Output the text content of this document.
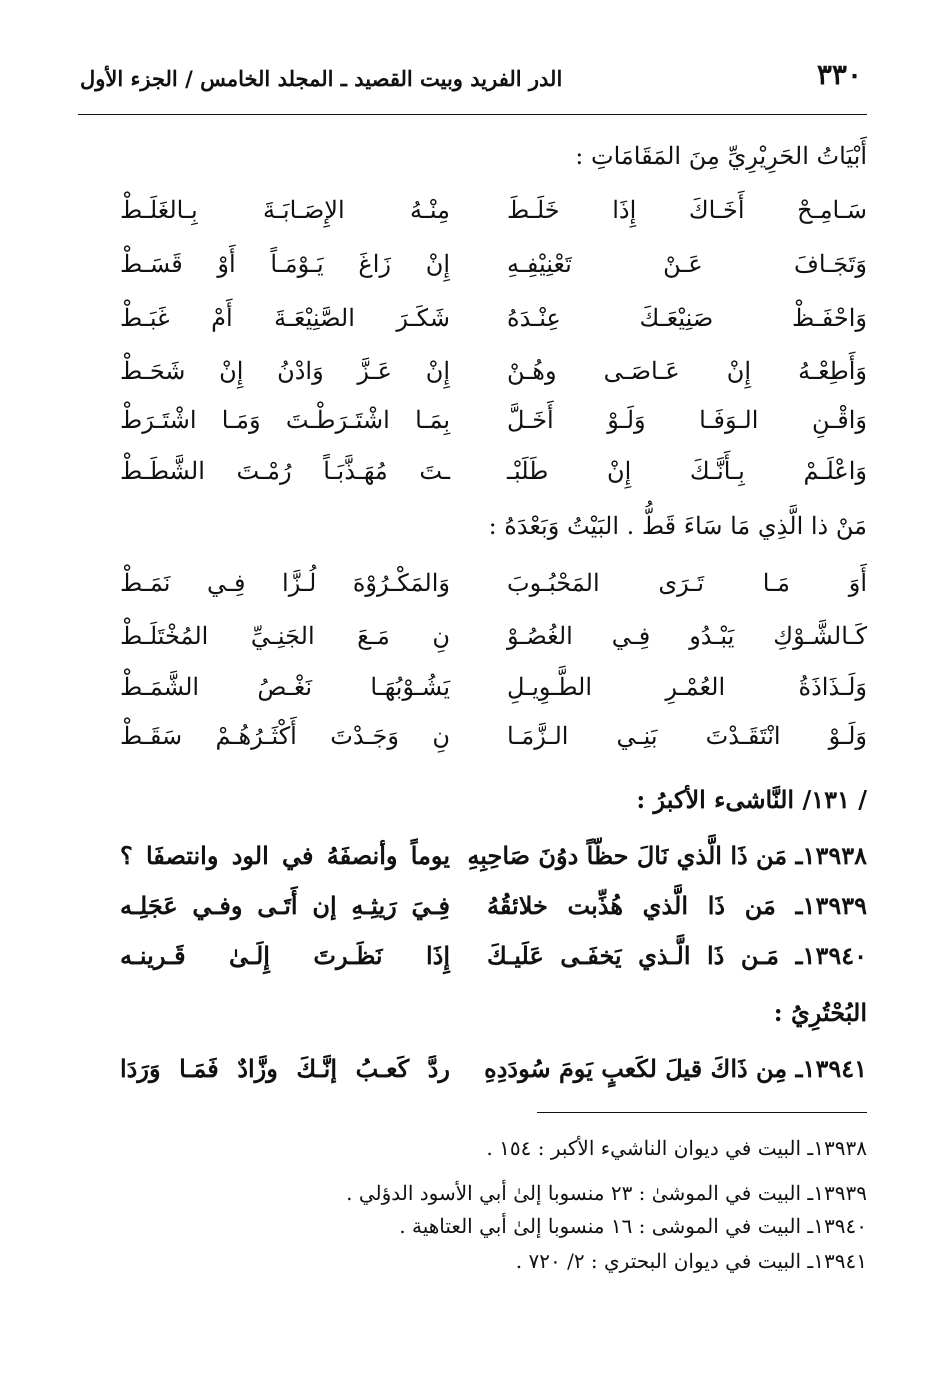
٣٣٠
الدر الفريد وبيت القصيد ـ المجلد الخامس / الجزء الأول
أَبْيَاتُ الحَرِيْرِيِّ مِنَ المَقَامَاتِ :
سَـامِـحْ أَخَـاكَ إِذَا خَلَـطَ
مِنْـهُ الإِصَـابَـةَ بِـالغَلَـطْ
وَتَجَـافَ عَـنْ تَعْنِيْفِـهِ
إِنْ زَاغَ يَـوْمَـاً أَوْ قَسَـطْ
وَاحْفَـظْ صَنِيْعَـكَ عِنْـدَهُ
شَكَـرَ الصَّنِيْعَـةَ أَمْ غَبَـطْ
وَأَطِعْـهُ إِنْ عَـاصَـى وهُـنْ
إِنْ عَـزَّ وَادْنُ إِنْ شَحَـطْ
وَاقْـنِ الـوَفَـا وَلَـوْ أَخَـلَّ
بِمَـا اشْتَـرَطْـتَ وَمَـا اشْتَـرَطْ
وَاعْلَـمْ بِـأَنَّـكَ إِنْ طَلَبْـ
ـتَ مُهَـذَّبَـاً رُمْـتَ الشَّطَـطْ
مَنْ ذا الَّذِي مَا سَاءَ قَطُّ . البَيْتُ وَبَعْدَهُ :
أَوَ مَـا تَـرَى المَحْبُـوبَ
وَالمَكْـرُوْهَ لُـزَّا فِـي نَمَـطْ
كَـالشَّـوْكِ يَبْـدُو فِـي الغُصُـوْ
نِ مَـعَ الجَنِـيِّ المُخْتَلَـطْ
وَلَـذَاذَةُ العُمْـرِ الطَّـوِيـلِ
يَشُـوْبُهَـا نَغْـصُ الشَّمَـطْ
وَلَـوْ انْتَقَـدْتَ بَنِـي الـزَّمَـا
نِ وَجَـدْتَ أَكْثَـرُهُـمْ سَقَـطْ
/ ١٣١/ النَّاشىء الأكبرُ :
١٣٩٣٨ـ مَن ذَا الَّذي نَالَ حظّاً دوُنَ صَاحِبِهِ
يوماً وأنصفَهُ في الود وانتصفَا ؟
١٣٩٣٩ـ مَن ذَا الَّذي هُذِّبت خلائقُهُ
فِـيَ رَيثِـهِ إن أَتَـى وفـي عَجَلِـه
١٣٩٤٠ـ مَـن ذَا الَّـذي يَخفَـى عَلَيـكَ
إِذَا نَظَـرتَ إِلَـىٰ قَـرينـه
البُحْتُرِيُ :
١٣٩٤١ـ مِن ذَاكَ قيلَ لكَعبٍ يَومَ سُودَدِهِ
ردَّ كَعـبُ إنَّـكَ وزَّادٌ فَمَـا وَرَدَا
١٣٩٣٨ـ البيت في ديوان الناشيء الأكبر : ١٥٤ .
١٣٩٣٩ـ البيت في الموشىٰ : ٢٣ منسوبا إلىٰ أبي الأسود الدؤلي .
١٣٩٤٠ـ البيت في الموشى : ١٦ منسوبا إلىٰ أبي العتاهية .
١٣٩٤١ـ البيت في ديوان البحتري : ٢/ ٧٢٠ .
